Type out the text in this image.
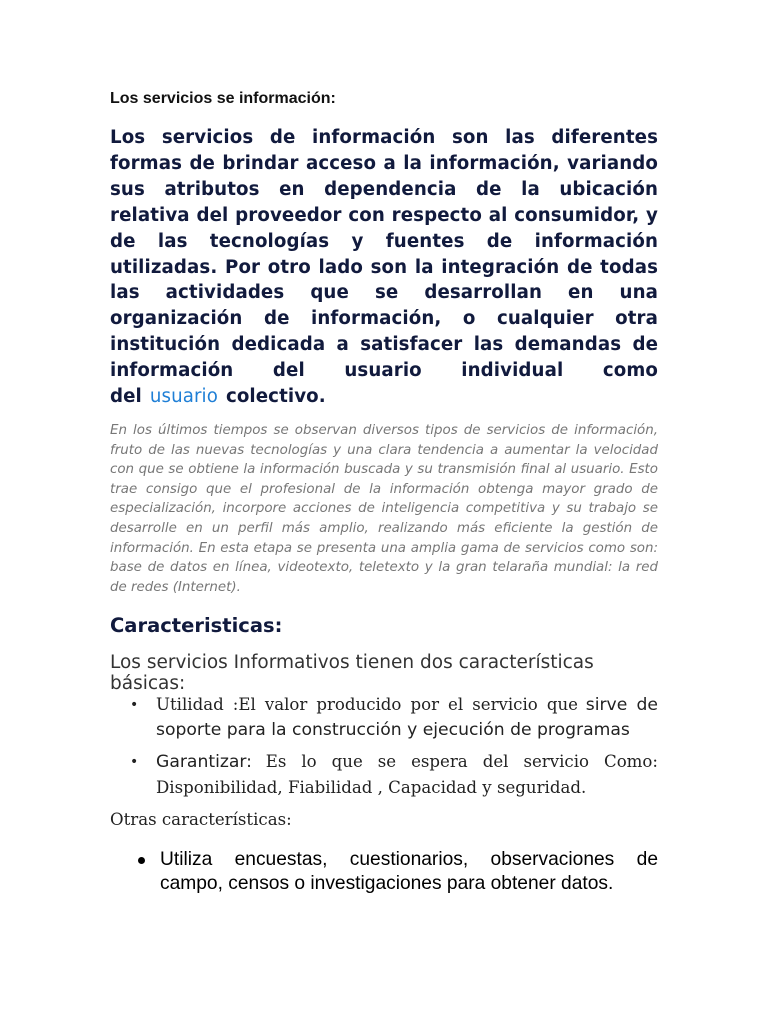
Los servicios se información:

Los servicios de información son las diferentes formas de brindar acceso a la información, variando sus atributos en dependencia de la ubicación relativa del proveedor con respecto al consumidor, y de las tecnologías y fuentes de información utilizadas. Por otro lado son la integración de todas las actividades que se desarrollan en una organización de información, o cualquier otra institución dedicada a satisfacer las demandas de información del usuario individual como del usuario colectivo.

En los últimos tiempos se observan diversos tipos de servicios de información, fruto de las nuevas tecnologías y una clara tendencia a aumentar la velocidad con que se obtiene la información buscada y su transmisión final al usuario. Esto trae consigo que el profesional de la información obtenga mayor grado de especialización, incorpore acciones de inteligencia competitiva y su trabajo se desarrolle en un perfil más amplio, realizando más eficiente la gestión de información. En esta etapa se presenta una amplia gama de servicios como son: base de datos en línea, videotexto, teletexto y la gran telaraña mundial: la red de redes (Internet).

Caracteristicas:

Los servicios Informativos tienen dos características básicas:

• Utilidad :El valor producido por el servicio que sirve de soporte para la construcción y ejecución de programas
• Garantizar: Es lo que se espera del servicio Como: Disponibilidad, Fiabilidad , Capacidad y seguridad.

Otras características:

Utiliza encuestas, cuestionarios, observaciones de campo, censos o investigaciones para obtener datos.
